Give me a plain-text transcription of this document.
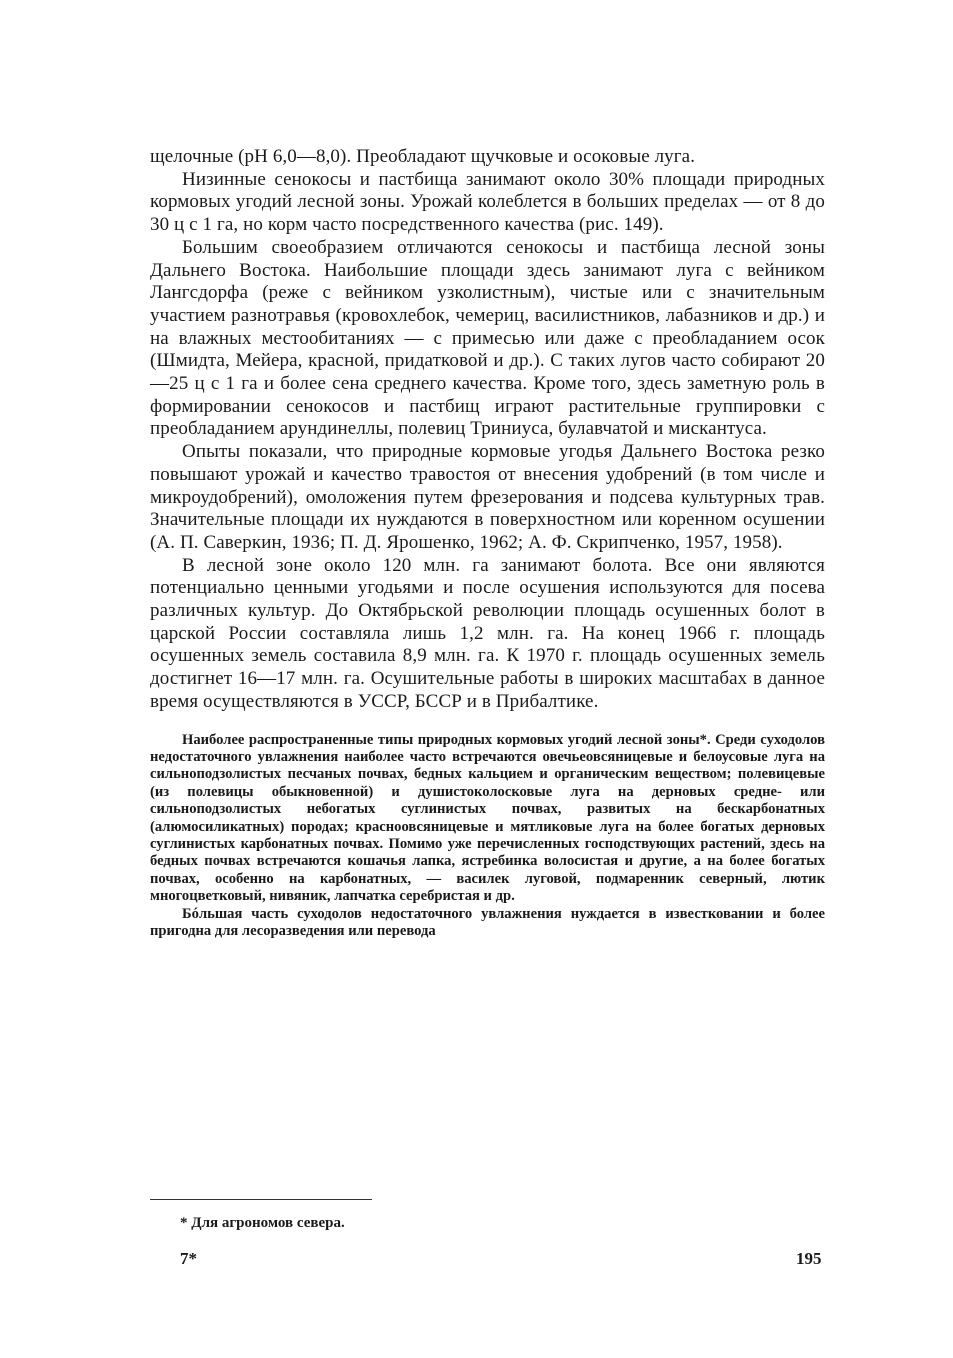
щелочные (pH 6,0—8,0). Преобладают щучковые и осоковые луга.

Низинные сенокосы и пастбища занимают около 30% площади природных кормовых угодий лесной зоны. Урожай колеблется в больших пределах — от 8 до 30 ц с 1 га, но корм часто посредственного качества (рис. 149).

Большим своеобразием отличаются сенокосы и пастбища лесной зоны Дальнего Востока. Наибольшие площади здесь занимают луга с вейником Лангсдорфа (реже с вейником узколистным), чистые или с значительным участием разнотравья (кровохлебок, чемериц, василистников, лабазников и др.) и на влажных местообитаниях — с примесью или даже с преобладанием осок (Шмидта, Мейера, красной, придатковой и др.). С таких лугов часто собирают 20—25 ц с 1 га и более сена среднего качества. Кроме того, здесь заметную роль в формировании сенокосов и пастбищ играют растительные группировки с преобладанием арундинеллы, полевиц Триниуса, булавчатой и мискантуса.

Опыты показали, что природные кормовые угодья Дальнего Востока резко повышают урожай и качество травостоя от внесения удобрений (в том числе и микроудобрений), омоложения путем фрезерования и подсева культурных трав. Значительные площади их нуждаются в поверхностном или коренном осушении (А. П. Саверкин, 1936; П. Д. Ярошенко, 1962; А. Ф. Скрипченко, 1957, 1958).

В лесной зоне около 120 млн. га занимают болота. Все они являются потенциально ценными угодьями и после осушения используются для посева различных культур. До Октябрьской революции площадь осушенных болот в царской России составляла лишь 1,2 млн. га. На конец 1966 г. площадь осушенных земель составила 8,9 млн. га. К 1970 г. площадь осушенных земель достигнет 16—17 млн. га. Осушительные работы в широких масштабах в данное время осуществляются в УССР, БССР и в Прибалтике.

Наиболее распространенные типы природных кормовых угодий лесной зоны*. Среди суходолов недостаточного увлажнения наиболее часто встречаются овечьеовсяницевые и белоусовые луга на сильноподзолистых песчаных почвах, бедных кальцием и органическим веществом; полевицевые (из полевицы обыкновенной) и душистоколосковые луга на дерновых средне- или сильноподзолистых небогатых суглинистых почвах, развитых на бескарбонатных (алюмосиликатных) породах; красноовсяницевые и мятликовые луга на более богатых дерновых суглинистых карбонатных почвах. Помимо уже перечисленных господствующих растений, здесь на бедных почвах встречаются кошачья лапка, ястребинка волосистая и другие, а на более богатых почвах, особенно на карбонатных, — василек луговой, подмаренник северный, лютик многоцветковый, нивяник, лапчатка серебристая и др.

Бóльшая часть суходолов недостаточного увлажнения нуждается в известковании и более пригодна для лесоразведения или перевода

* Для агрономов севера.
7*	195
